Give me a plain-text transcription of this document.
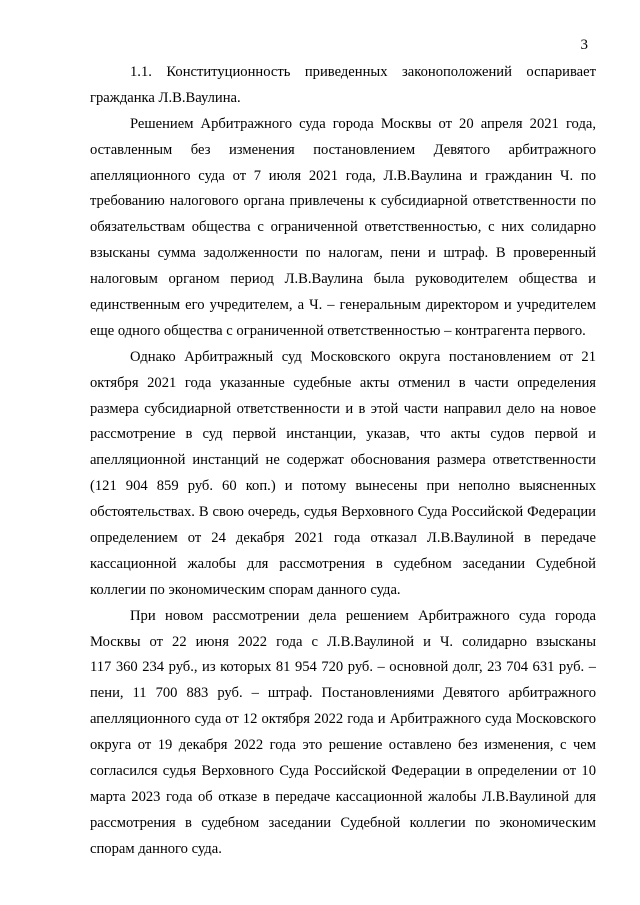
3
1.1. Конституционность приведенных законоположений оспаривает
гражданка Л.В.Ваулина.
Решением Арбитражного суда города Москвы от 20 апреля 2021 года,
оставленным без изменения постановлением Девятого арбитражного
апелляционного суда от 7 июля 2021 года, Л.В.Ваулина и гражданин Ч. по
требованию налогового органа привлечены к субсидиарной ответственности по
обязательствам общества с ограниченной ответственностью, с них солидарно
взысканы сумма задолженности по налогам, пени и штраф. В проверенный
налоговым органом период Л.В.Ваулина была руководителем общества и
единственным его учредителем, а Ч. – генеральным директором и учредителем
еще одного общества с ограниченной ответственностью – контрагента первого.
Однако Арбитражный суд Московского округа постановлением от 21
октября 2021 года указанные судебные акты отменил в части определения
размера субсидиарной ответственности и в этой части направил дело на новое
рассмотрение в суд первой инстанции, указав, что акты судов первой и
апелляционной инстанций не содержат обоснования размера ответственности
(121 904 859 руб. 60 коп.) и потому вынесены при неполно выясненных
обстоятельствах. В свою очередь, судья Верховного Суда Российской Федерации
определением от 24 декабря 2021 года отказал Л.В.Ваулиной в передаче
кассационной жалобы для рассмотрения в судебном заседании Судебной
коллегии по экономическим спорам данного суда.
При новом рассмотрении дела решением Арбитражного суда города
Москвы от 22 июня 2022 года с Л.В.Ваулиной и Ч. солидарно взысканы
117 360 234 руб., из которых 81 954 720 руб. – основной долг, 23 704 631 руб. –
пени, 11 700 883 руб. – штраф. Постановлениями Девятого арбитражного
апелляционного суда от 12 октября 2022 года и Арбитражного суда Московского
округа от 19 декабря 2022 года это решение оставлено без изменения, с чем
согласился судья Верховного Суда Российской Федерации в определении от 10
марта 2023 года об отказе в передаче кассационной жалобы Л.В.Ваулиной для
рассмотрения в судебном заседании Судебной коллегии по экономическим
спорам данного суда.
